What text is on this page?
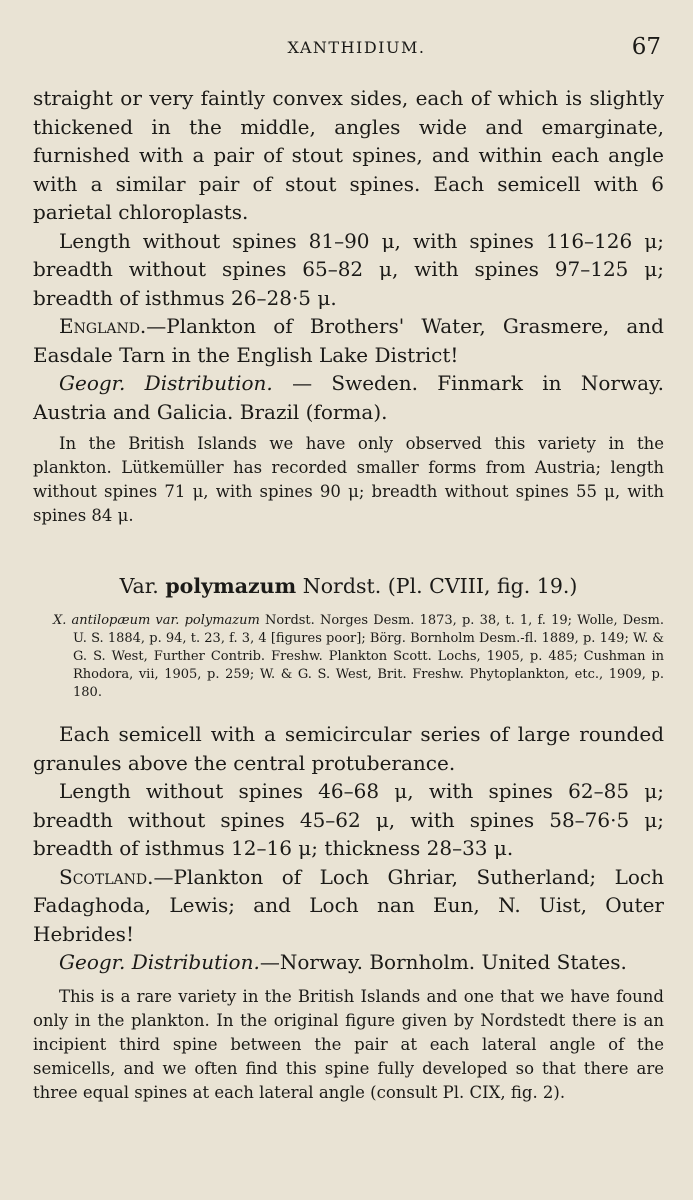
XANTHIDIUM.	67

straight or very faintly convex sides, each of which is slightly thickened in the middle, angles wide and emarginate, furnished with a pair of stout spines, and within each angle with a similar pair of stout spines. Each semicell with 6 parietal chloroplasts.

Length without spines 81–90 μ, with spines 116–126 μ; breadth without spines 65–82 μ, with spines 97–125 μ; breadth of isthmus 26–28·5 μ.

England.—Plankton of Brothers' Water, Grasmere, and Easdale Tarn in the English Lake District!

Geogr. Distribution. — Sweden. Finmark in Norway. Austria and Galicia. Brazil (forma).

In the British Islands we have only observed this variety in the plankton. Lütkemüller has recorded smaller forms from Austria; length without spines 71 μ, with spines 90 μ; breadth without spines 55 μ, with spines 84 μ.

Var. polymazum Nordst. (Pl. CVIII, fig. 19.)

X. antilopæum var. polymazum Nordst. Norges Desm. 1873, p. 38, t. 1, f. 19; Wolle, Desm. U. S. 1884, p. 94, t. 23, f. 3, 4 [figures poor]; Börg. Bornholm Desm.-fl. 1889, p. 149; W. & G. S. West, Further Contrib. Freshw. Plankton Scott. Lochs, 1905, p. 485; Cushman in Rhodora, vii, 1905, p. 259; W. & G. S. West, Brit. Freshw. Phytoplankton, etc., 1909, p. 180.

Each semicell with a semicircular series of large rounded granules above the central protuberance.

Length without spines 46–68 μ, with spines 62–85 μ; breadth without spines 45–62 μ, with spines 58–76·5 μ; breadth of isthmus 12–16 μ; thickness 28–33 μ.

Scotland.—Plankton of Loch Ghriar, Sutherland; Loch Fadaghoda, Lewis; and Loch nan Eun, N. Uist, Outer Hebrides!

Geogr. Distribution.—Norway. Bornholm. United States.

This is a rare variety in the British Islands and one that we have found only in the plankton. In the original figure given by Nordstedt there is an incipient third spine between the pair at each lateral angle of the semicells, and we often find this spine fully developed so that there are three equal spines at each lateral angle (consult Pl. CIX, fig. 2).
